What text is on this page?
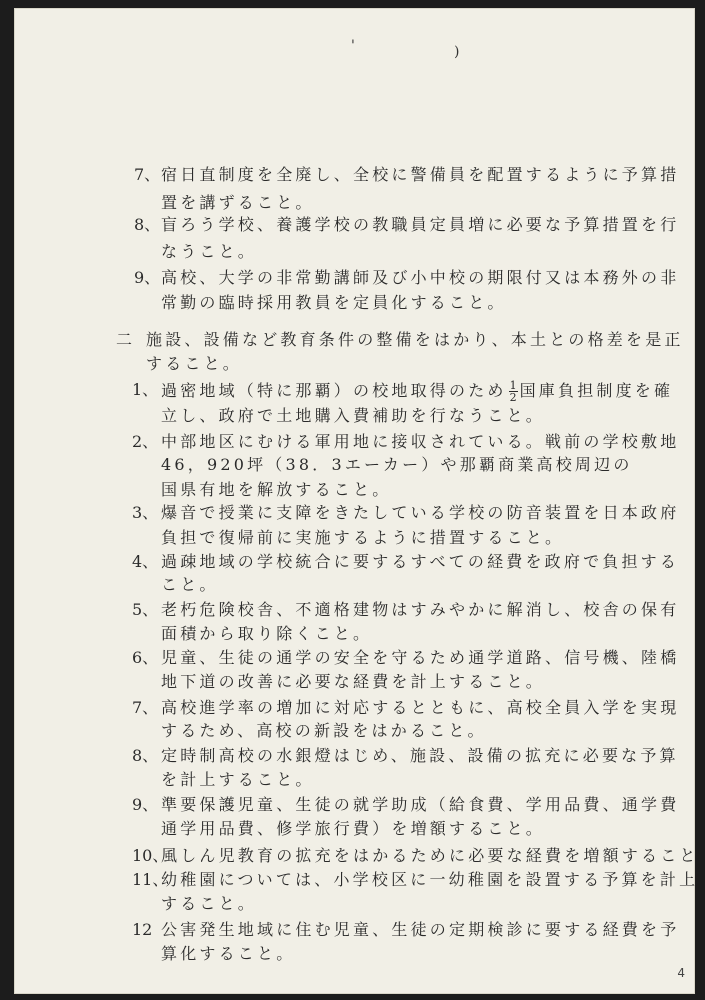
'	)
7、 宿日直制度を全廃し、全校に警備員を配置するように予算措
置を講ずること。
8、 盲ろう学校、養護学校の教職員定員増に必要な予算措置を行
なうこと。
9、 高校、大学の非常勤講師及び小中校の期限付又は本務外の非
常勤の臨時採用教員を定員化すること。
二 施設、設備など教育条件の整備をはかり、本土との格差を是正
すること。
1、 過密地域（特に那覇）の校地取得のため $\frac{1}{2}$ 国庫負担制度を確
立し、政府で土地購入費補助を行なうこと。
2、 中部地区にむける軍用地に接収されている。戦前の学校敷地
46，920坪（38．3エーカー）や那覇商業高校周辺の
国県有地を解放すること。
3、 爆音で授業に支障をきたしている学校の防音装置を日本政府
負担で復帰前に実施するように措置すること。
4、 過疎地域の学校統合に要するすべての経費を政府で負担する
こと。
5、 老朽危険校舎、不適格建物はすみやかに解消し、校舎の保有
面積から取り除くこと。
6、 児童、生徒の通学の安全を守るため通学道路、信号機、陸橋
地下道の改善に必要な経費を計上すること。
7、 高校進学率の増加に対応するとともに、高校全員入学を実現
するため、高校の新設をはかること。
8、 定時制高校の水銀燈はじめ、施設、設備の拡充に必要な予算
を計上すること。
9、 準要保護児童、生徒の就学助成（給食費、学用品費、通学費
通学用品費、修学旅行費）を増額すること。
10、
風しん児教育の拡充をはかるために必要な経費を増額すること
11、
幼稚園については、小学校区に一幼稚園を設置する予算を計上
すること。
12 公害発生地域に住む児童、生徒の定期検診に要する経費を予
算化すること。
4
